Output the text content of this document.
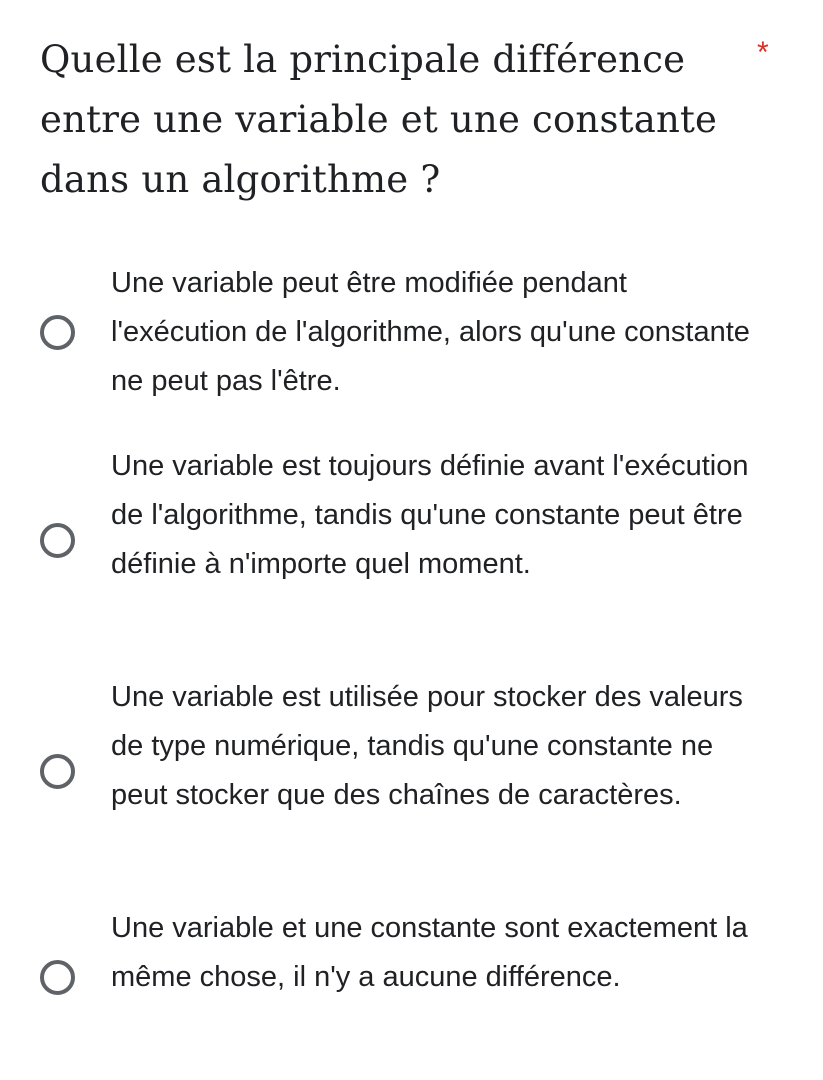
Quelle est la principale différence entre une variable et une constante dans un algorithme ?
*
Une variable peut être modifiée pendant l'exécution de l'algorithme, alors qu'une constante ne peut pas l'être.
Une variable est toujours définie avant l'exécution de l'algorithme, tandis qu'une constante peut être définie à n'importe quel moment.
Une variable est utilisée pour stocker des valeurs de type numérique, tandis qu'une constante ne peut stocker que des chaînes de caractères.
Une variable et une constante sont exactement la même chose, il n'y a aucune différence.
